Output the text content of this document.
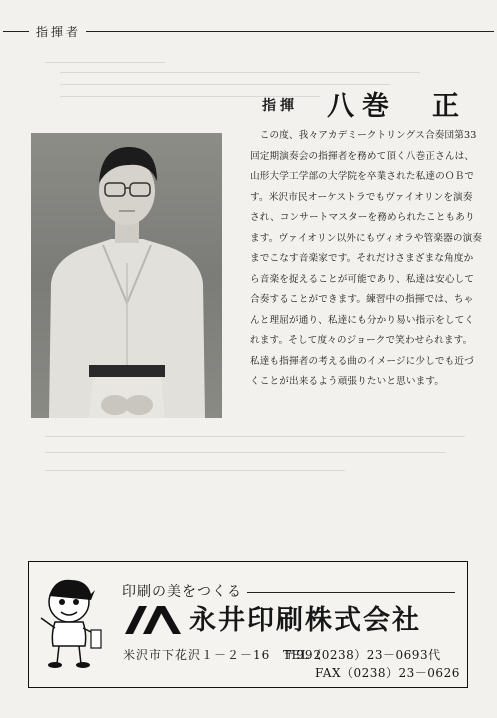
指揮者
指揮 八巻　正
　この度、我々アカデミークトリングス合奏団第33
回定期演奏会の指揮者を務めて頂く八巻正さんは、
山形大学工学部の大学院を卒業された私達のＯＢで
す。米沢市民オーケストラでもヴァイオリンを演奏
され、コンサートマスターを務められたこともあり
ます。ヴァイオリン以外にもヴィオラや管楽器の演奏
までこなす音楽家です。それだけさまざまな角度か
ら音楽を捉えることが可能であり、私達は安心して
合奏することができます。練習中の指揮では、ちゃ
んと理屈が通り、私達にも分かり易い指示をしてく
れます。そして度々のジョークで笑わせられます。
私達も指揮者の考える曲のイメージに少しでも近づ
くことが出来るよう頑張りたいと思います。
印刷の美をつくる
永井印刷株式会社
米沢市下花沢１－２－16　〒992
TEL（0238）23－0693代
FAX（0238）23－0626
